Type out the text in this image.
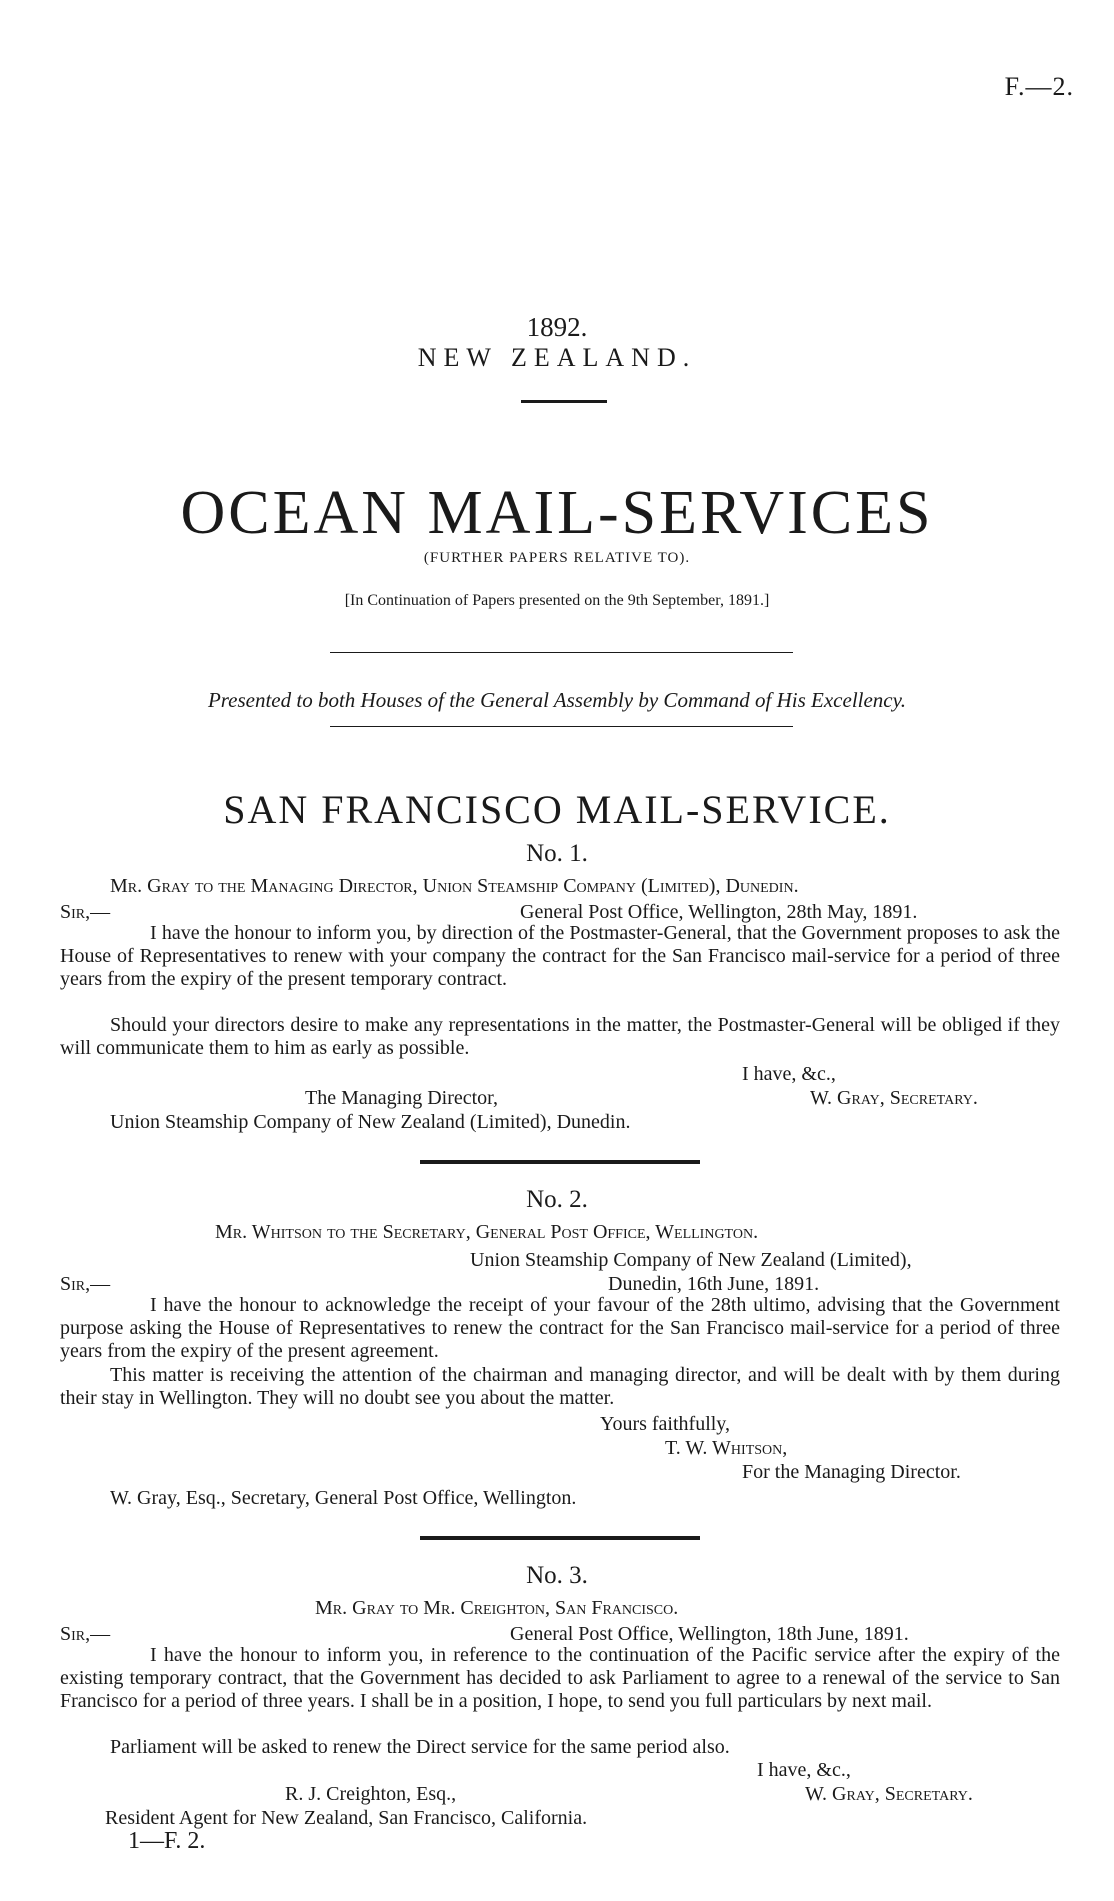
F.—2.
1892.
NEW ZEALAND.
OCEAN MAIL-SERVICES
(FURTHER PAPERS RELATIVE TO).
[In Continuation of Papers presented on the 9th September, 1891.]
Presented to both Houses of the General Assembly by Command of His Excellency.
SAN FRANCISCO MAIL-SERVICE.
No. 1.
Mr. Gray to the Managing Director, Union Steamship Company (Limited), Dunedin.
Sir,—	General Post Office, Wellington, 28th May, 1891.
I have the honour to inform you, by direction of the Postmaster-General, that the Government proposes to ask the House of Representatives to renew with your company the contract for the San Francisco mail-service for a period of three years from the expiry of the present temporary contract.
Should your directors desire to make any representations in the matter, the Postmaster-General will be obliged if they will communicate them to him as early as possible.
I have, &c.,
The Managing Director,	W. Gray, Secretary.
Union Steamship Company of New Zealand (Limited), Dunedin.
No. 2.
Mr. Whitson to the Secretary, General Post Office, Wellington.
Union Steamship Company of New Zealand (Limited),
Dunedin, 16th June, 1891.
Sir,—
I have the honour to acknowledge the receipt of your favour of the 28th ultimo, advising that the Government purpose asking the House of Representatives to renew the contract for the San Francisco mail-service for a period of three years from the expiry of the present agreement.
This matter is receiving the attention of the chairman and managing director, and will be dealt with by them during their stay in Wellington. They will no doubt see you about the matter.
Yours faithfully,
T. W. Whitson,
For the Managing Director.
W. Gray, Esq., Secretary, General Post Office, Wellington.
No. 3.
Mr. Gray to Mr. Creighton, San Francisco.
Sir,—	General Post Office, Wellington, 18th June, 1891.
I have the honour to inform you, in reference to the continuation of the Pacific service after the expiry of the existing temporary contract, that the Government has decided to ask Parliament to agree to a renewal of the service to San Francisco for a period of three years. I shall be in a position, I hope, to send you full particulars by next mail.
Parliament will be asked to renew the Direct service for the same period also.
I have, &c.,
R. J. Creighton, Esq.,	W. Gray, Secretary.
Resident Agent for New Zealand, San Francisco, California.
1—F. 2.
